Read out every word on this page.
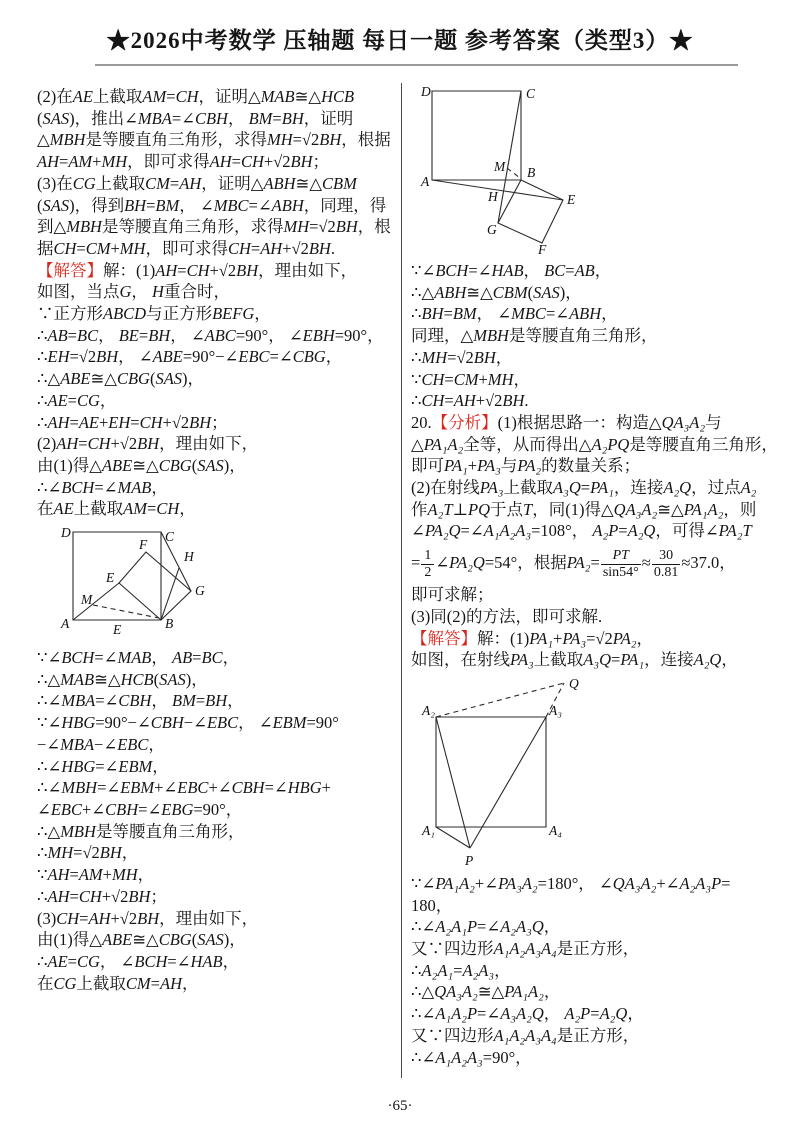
★2026中考数学 压轴题 每日一题 参考答案（类型3）★
(2)在AE上截取AM=CH，证明△MAB≅△HCB
(SAS)，推出∠MBA=∠CBH， BM=BH，证明
△MBH是等腰直角三角形，求得MH=√2BH，根据
AH=AM+MH，即可求得AH=CH+√2BH；
(3)在CG上截取CM=AH，证明△ABH≅△CBM
(SAS)，得到BH=BM， ∠MBC=∠ABH，同理，得
到△MBH是等腰直角三角形，求得MH=√2BH，根
据CH=CM+MH，即可求得CH=AH+√2BH.
【解答】解：(1)AH=CH+√2BH，理由如下，
如图，当点G， H重合时，
∵正方形ABCD与正方形BEFG，
∴AB=BC， BE=BH， ∠ABC=90°， ∠EBH=90°，
∴EH=√2BH， ∠ABE=90°−∠EBC=∠CBG，
∴△ABE≅△CBG(SAS)，
∴AE=CG，
∴AH=AE+EH=CH+√2BH；
(2)AH=CH+√2BH，理由如下，
由(1)得△ABE≅△CBG(SAS)，
∴∠BCH=∠MAB，
在AE上截取AM=CH，
D	C
F
H
E
G
M
A	E	B
∵∠BCH=∠MAB， AB=BC，
∴△MAB≅△HCB(SAS)，
∴∠MBA=∠CBH， BM=BH，
∵∠HBG=90°−∠CBH−∠EBC， ∠EBM=90°
−∠MBA−∠EBC，
∴∠HBG=∠EBM，
∴∠MBH=∠EBM+∠EBC+∠CBH=∠HBG+
∠EBC+∠CBH=∠EBG=90°，
∴△MBH是等腰直角三角形，
∴MH=√2BH，
∵AH=AM+MH，
∴AH=CH+√2BH；
(3)CH=AH+√2BH，理由如下，
由(1)得△ABE≅△CBG(SAS)，
∴AE=CG， ∠BCH=∠HAB，
在CG上截取CM=AH，
D	C
M B
A
H	E
G
F
∵∠BCH=∠HAB， BC=AB，
∴△ABH≅△CBM(SAS)，
∴BH=BM， ∠MBC=∠ABH，
同理，△MBH是等腰直角三角形，
∴MH=√2BH，
∵CH=CM+MH，
∴CH=AH+√2BH.
20.【分析】(1)根据思路一：构造△QA₃A₂与
△PA₁A₂全等，从而得出△A₂PQ是等腰直角三角形，
即可PA₁+PA₃与PA₂的数量关系；
(2)在射线PA₃上截取A₃Q=PA₁，连接A₂Q，过点A₂
作A₂T⊥PQ于点T，同(1)得△QA₃A₂≅△PA₁A₂，则
∠PA₂Q=∠A₁A₂A₃=108°， A₂P=A₂Q，可得∠PA₂T
= $\frac{1}{2}$ ∠PA₂Q=54°，根据$PA_2= \frac{PT}{\sin 54^\circ} \approx \frac{30}{0.81} \approx 37.0$，
即可求解；
(3)同(2)的方法，即可求解.
【解答】解：(1)PA₁+PA₃=√2PA₂，
如图，在射线PA₃上截取A₃Q=PA₁，连接A₂Q，
A₂	A₃
Q
A₁	A₄
P
∵∠PA₁A₂+∠PA₃A₂=180°， ∠QA₃A₂+∠A₂A₃P=
180，
∴∠A₂A₁P=∠A₂A₃Q，
又∵四边形A₁A₂A₃A₄是正方形，
∴A₂A₁=A₂A₃，
∴△QA₃A₂≅△PA₁A₂，
∴∠A₁A₂P=∠A₃A₂Q， A₂P=A₂Q，
又∵四边形A₁A₂A₃A₄是正方形，
∴∠A₁A₂A₃=90°，
·65·
